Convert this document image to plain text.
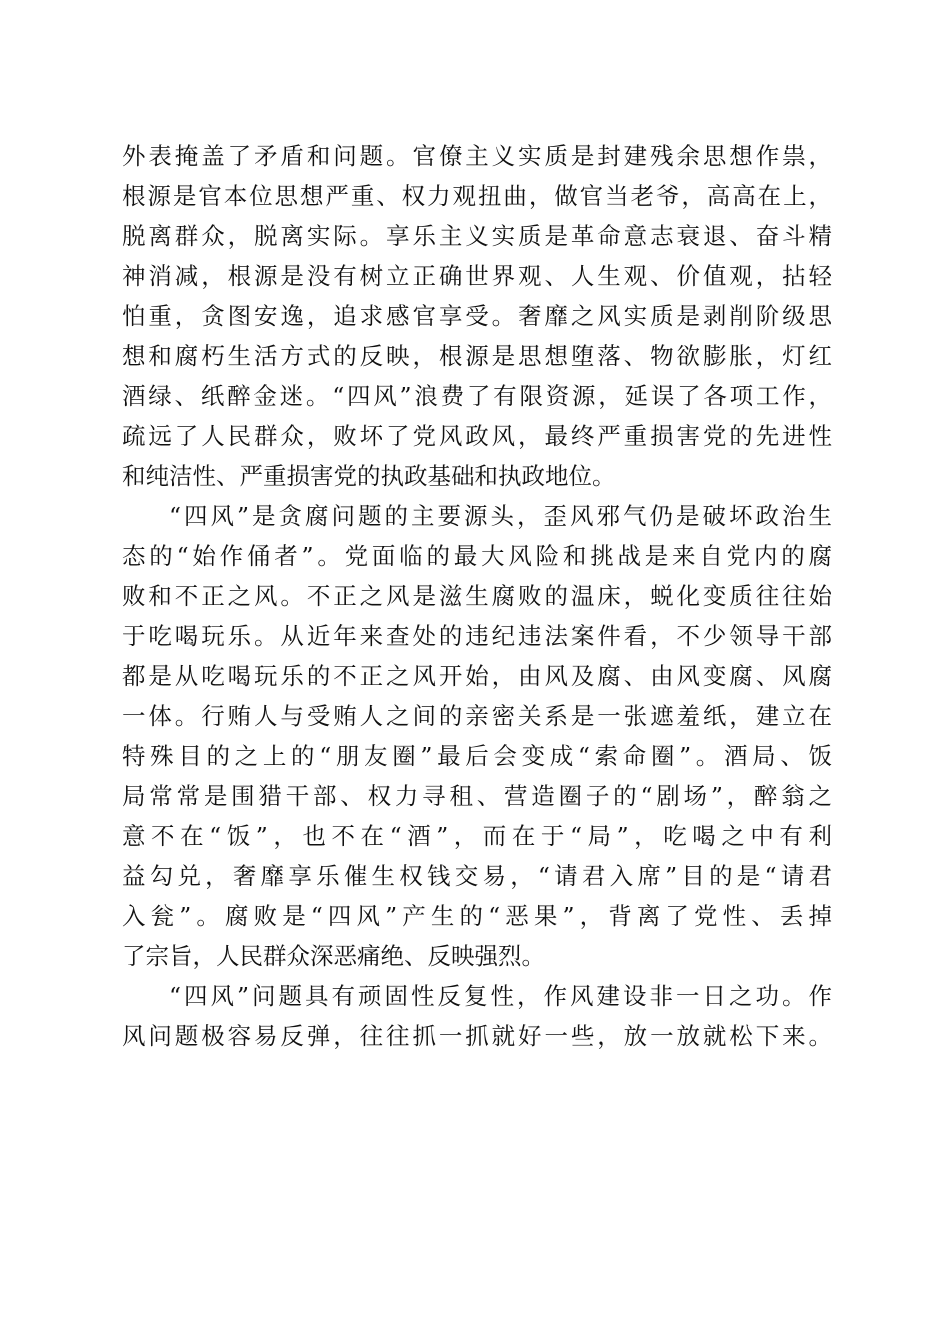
外表掩盖了矛盾和问题。官僚主义实质是封建残余思想作祟，
根源是官本位思想严重、权力观扭曲，做官当老爷，高高在上，
脱离群众，脱离实际。享乐主义实质是革命意志衰退、奋斗精
神消减，根源是没有树立正确世界观、人生观、价值观，拈轻
怕重，贪图安逸，追求感官享受。奢靡之风实质是剥削阶级思
想和腐朽生活方式的反映，根源是思想堕落、物欲膨胀，灯红
酒绿、纸醉金迷。“四风”浪费了有限资源，延误了各项工作，
疏远了人民群众，败坏了党风政风，最终严重损害党的先进性
和纯洁性、严重损害党的执政基础和执政地位。
“四风”是贪腐问题的主要源头，歪风邪气仍是破坏政治生
态的“始作俑者”。党面临的最大风险和挑战是来自党内的腐
败和不正之风。不正之风是滋生腐败的温床，蜕化变质往往始
于吃喝玩乐。从近年来查处的违纪违法案件看，不少领导干部
都是从吃喝玩乐的不正之风开始，由风及腐、由风变腐、风腐
一体。行贿人与受贿人之间的亲密关系是一张遮羞纸，建立在
特殊目的之上的“朋友圈”最后会变成“索命圈”。酒局、饭
局常常是围猎干部、权力寻租、营造圈子的“剧场”，醉翁之
意不在“饭”，也不在“酒”，而在于“局”，吃喝之中有利
益勾兑，奢靡享乐催生权钱交易，“请君入席”目的是“请君
入瓮”。腐败是“四风”产生的“恶果”，背离了党性、丢掉
了宗旨，人民群众深恶痛绝、反映强烈。
“四风”问题具有顽固性反复性，作风建设非一日之功。作
风问题极容易反弹，往往抓一抓就好一些，放一放就松下来。
